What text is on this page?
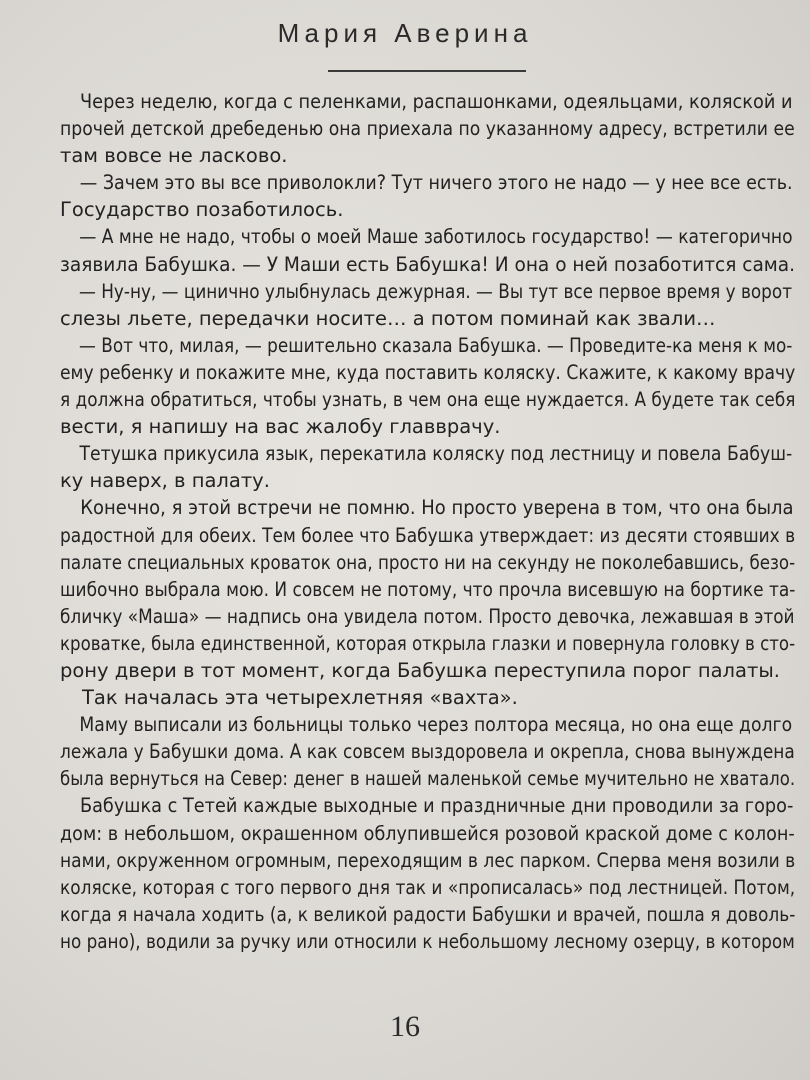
Мария Аверина
Через неделю, когда с пеленками, распашонками, одеяльцами, коляской и
прочей детской дребеденью она приехала по указанному адресу, встретили ее
там вовсе не ласково.
— Зачем это вы все приволокли? Тут ничего этого не надо — у нее все есть.
Государство позаботилось.
— А мне не надо, чтобы о моей Маше заботилось государство! — категорично
заявила Бабушка. — У Маши есть Бабушка! И она о ней позаботится сама.
— Ну-ну, — цинично улыбнулась дежурная. — Вы тут все первое время у ворот
слезы льете, передачки носите… а потом поминай как звали…
— Вот что, милая, — решительно сказала Бабушка. — Проведите-ка меня к мо-
ему ребенку и покажите мне, куда поставить коляску. Скажите, к какому врачу
я должна обратиться, чтобы узнать, в чем она еще нуждается. А будете так себя
вести, я напишу на вас жалобу главврачу.
Тетушка прикусила язык, перекатила коляску под лестницу и повела Бабуш-
ку наверх, в палату.
Конечно, я этой встречи не помню. Но просто уверена в том, что она была
радостной для обеих. Тем более что Бабушка утверждает: из десяти стоявших в
палате специальных кроваток она, просто ни на секунду не поколебавшись, безо-
шибочно выбрала мою. И совсем не потому, что прочла висевшую на бортике та-
бличку «Маша» — надпись она увидела потом. Просто девочка, лежавшая в этой
кроватке, была единственной, которая открыла глазки и повернула головку в сто-
рону двери в тот момент, когда Бабушка переступила порог палаты.
Так началась эта четырехлетняя «вахта».
Маму выписали из больницы только через полтора месяца, но она еще долго
лежала у Бабушки дома. А как совсем выздоровела и окрепла, снова вынуждена
была вернуться на Север: денег в нашей маленькой семье мучительно не хватало.
Бабушка с Тетей каждые выходные и праздничные дни проводили за горо-
дом: в небольшом, окрашенном облупившейся розовой краской доме с колон-
нами, окруженном огромным, переходящим в лес парком. Сперва меня возили в
коляске, которая с того первого дня так и «прописалась» под лестницей. Потом,
когда я начала ходить (а, к великой радости Бабушки и врачей, пошла я доволь-
но рано), водили за ручку или относили к небольшому лесному озерцу, в котором
16
